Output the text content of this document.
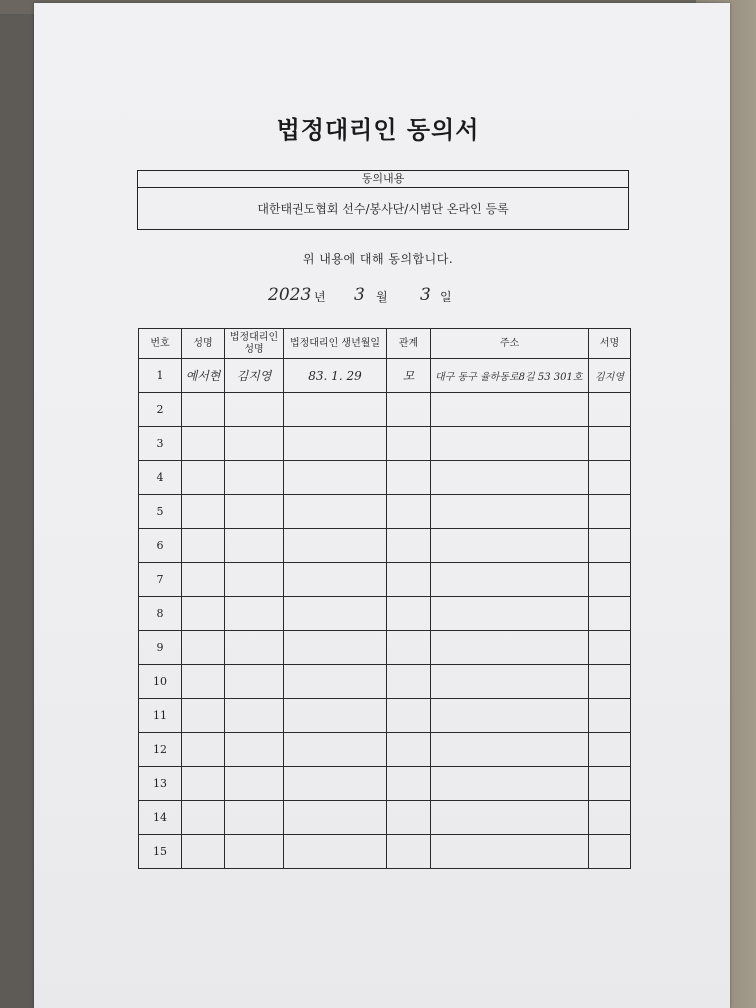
법정대리인 동의서
동의내용
대한태권도협회 선수/봉사단/시범단 온라인 등록
위 내용에 대해 동의합니다.
2023 년 3 월 3 일
번호	성명	법정대리인 성명	법정대리인 생년월일	관계	주소	서명
1	예서현	김지영	83. 1. 29	모	대구 동구 율하동로8길 53 301호	김지영
2						
3						
4						
5						
6						
7						
8						
9						
10						
11						
12						
13						
14						
15						
